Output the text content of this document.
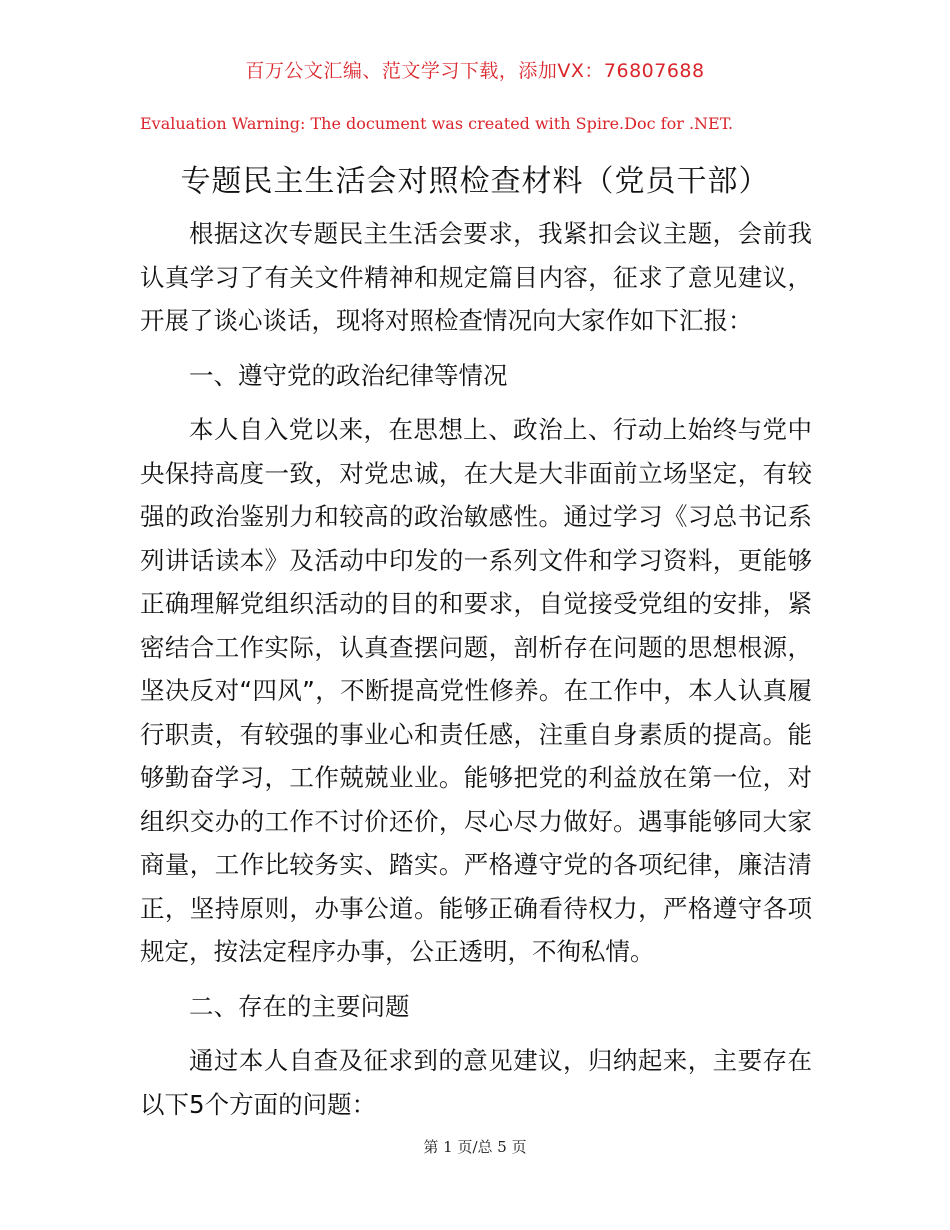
百万公文汇编、范文学习下载，添加VX：76807688
Evaluation Warning: The document was created with Spire.Doc for .NET.
专题民主生活会对照检查材料（党员干部）

根据这次专题民主生活会要求，我紧扣会议主题，会前我认真学习了有关文件精神和规定篇目内容，征求了意见建议，开展了谈心谈话，现将对照检查情况向大家作如下汇报：

一、遵守党的政治纪律等情况

本人自入党以来，在思想上、政治上、行动上始终与党中央保持高度一致，对党忠诚，在大是大非面前立场坚定，有较强的政治鉴别力和较高的政治敏感性。通过学习《习总书记系列讲话读本》及活动中印发的一系列文件和学习资料，更能够正确理解党组织活动的目的和要求，自觉接受党组的安排，紧密结合工作实际，认真查摆问题，剖析存在问题的思想根源，坚决反对“四风”，不断提高党性修养。在工作中，本人认真履行职责，有较强的事业心和责任感，注重自身素质的提高。能够勤奋学习，工作兢兢业业。能够把党的利益放在第一位，对组织交办的工作不讨价还价，尽心尽力做好。遇事能够同大家商量，工作比较务实、踏实。严格遵守党的各项纪律，廉洁清正，坚持原则，办事公道。能够正确看待权力，严格遵守各项规定，按法定程序办事，公正透明，不徇私情。

二、存在的主要问题

通过本人自查及征求到的意见建议，归纳起来，主要存在以下5个方面的问题：

第 1 页/总 5 页
